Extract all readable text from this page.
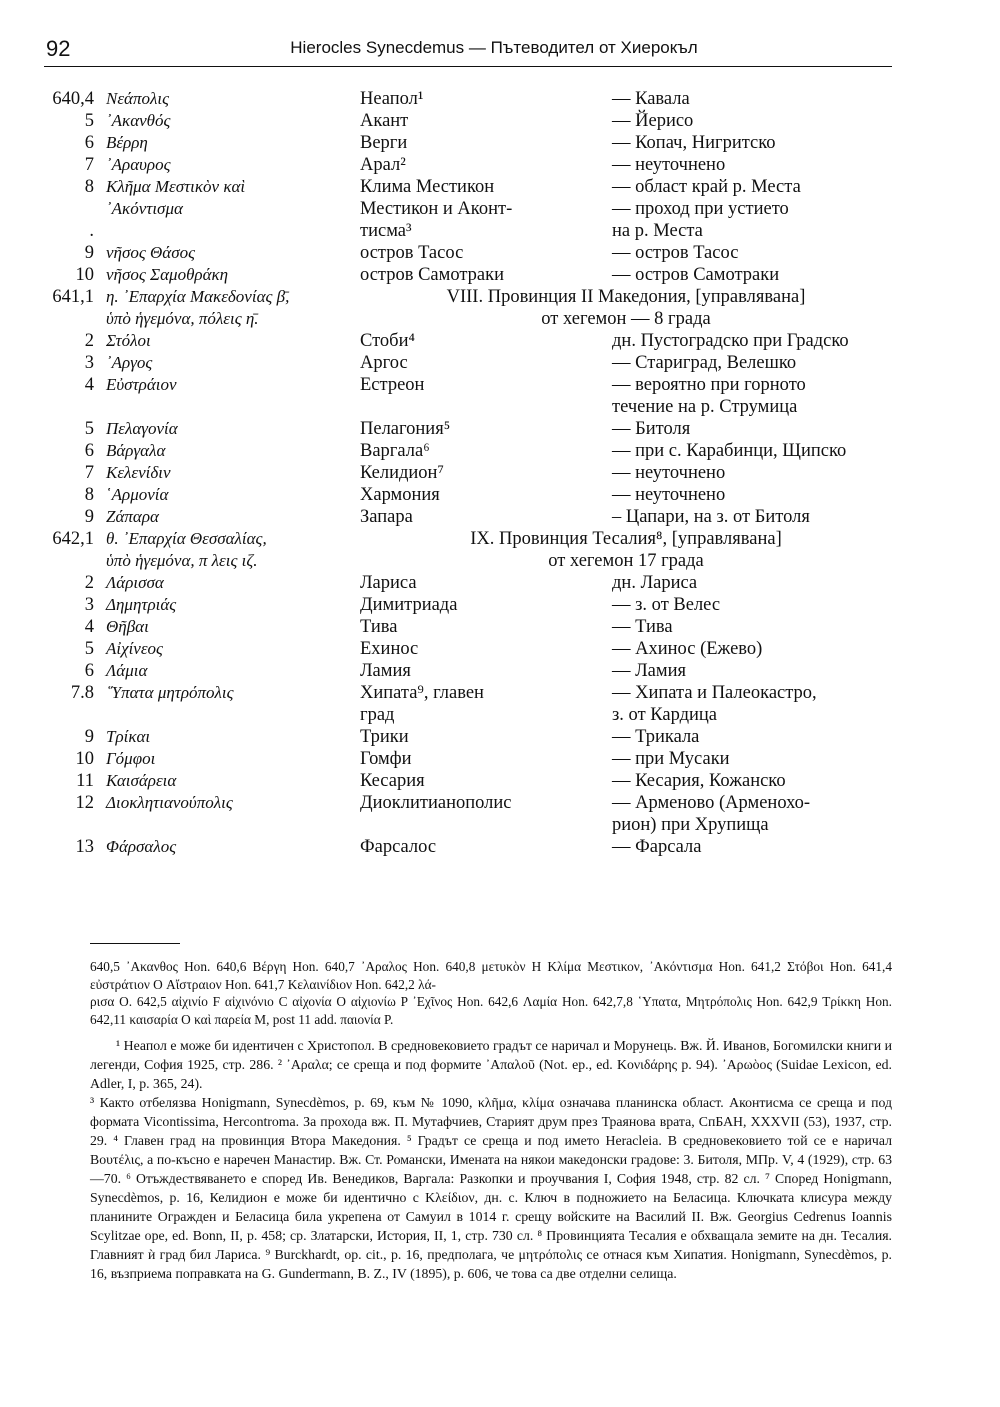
92	Hierocles Synecdemus — Пътеводител от Хиерокъл
640,4 Νεάπολις	Неапол¹	— Кавала
5 ᾿Ακανθός	Акант	— Йерисо
6 Βέρρη	Верги	— Копач, Нигритско
7 ᾿Αραυρος	Арал²	— неуточнено
8 Κλῆμα Μεστικὸν καὶ	Клима Местикон	— област край р. Места
᾿Ακόντισμα	Местикон и Аконт-	— проход при устието
.	тисма³	на р. Места
9 νῆσος Θάσος	остров Тасос	— остров Тасос
10 νῆσος Σαμοθράκη	остров Самотраки	— остров Самотраки
641,1 η. ᾿Επαρχία Μακεδονίας β̄,	VIII. Провинция II Македония, [управлявана]
ὑπὸ ἡγεμόνα, πόλεις η̄.	от хегемон — 8 града
2 Στόλοι	Стоби⁴	дн. Пустоградско при Градско
3 ᾿Αργος	Аргос	— Стариград, Велешко
4 Εὐστράιον	Естреон	— вероятно при горното
течение на р. Струмица
5 Πελαγονία	Пелагония⁵	— Битоля
6 Βάργαλα	Варгала⁶	— при с. Карабинци, Щипско
7 Κελενίδιν	Келидион⁷	— неуточнено
8 ῾Αρμονία	Хармония	— неуточнено
9 Ζάπαρα	Запара	– Цапари, на з. от Битоля
642,1 θ. ᾿Επαρχία Θεσσαλίας,	IX. Провинция Тесалия⁸, [управлявана]
ὑπὸ ἡγεμόνα, π λεις ιζ.	от хегемон 17 града
2 Λάρισσα	Лариса	дн. Лариса
3 Δημητριάς	Димитриада	— з. от Велес
4 Θῆβαι	Тива	— Тива
5 Αἰχίνεος	Ехинос	— Ахинос (Ежево)
6 Λάμια	Ламия	— Ламия
7.8 ῞Υπατα μητρόπολις	Хипата⁹, главен	— Хипата и Палеокастро,
град	з. от Кардица
9 Τρίκαι	Трики	— Трикала
10 Γόμφοι	Гомфи	— при Мусаки
11 Καισάρεια	Кесария	— Кесария, Кожанско
12 Διοκλητιανούπολις	Диоклитианополис	— Арменово (Арменохо-
рион) при Хрупища
13 Φάρσαλος	Фарсалос	— Фарсала
640,5 ᾿Ακανθος Hon. 640,6 Βέργη Hon. 640,7 ᾿Αραλος Hon. 640,8 μετυκὸν H Κλίμα Μεστικον, ᾿Ακόντισμα Hon. 641,2 Στόβοι Hon. 641,4 εὐστράτιον O Αἴστραιον Hon. 641,7 Κελαινίδιον Hon. 642,2 λά-
ρισα O. 642,5 αἰχινίο F αἰχινόνιο C αἰχονία O αἰχιονίω P ᾿Εχῖνος Hon. 642,6 Λαμία Hon. 642,7,8 ῾Υπατα, Μητρόπολις Hon. 642,9 Τρίκκη Hon. 642,11 καισαρία O καὶ παρεία M, post 11 add. παιονία P.
¹ Неапол е може би идентичен с Христопол. В средновековието градът се наричал и Морунець. Вж. Й. Иванов, Богомилски книги и легенди, София 1925, стр. 286. ² ᾿Αραλα; се среща и под формите ᾿Απαλοῦ (Not. ep., ed. Κονιδάρης p. 94). ᾿Αρωὸος (Suidae Lexicon, ed. Adler, I, p. 365, 24).
³ Както отбелязва Honigmann, Synecdèmos, p. 69, към № 1090, κλῆμα, κλίμα означава планинска област. Аконтисма се среща и под формата Vicontissima, Hercontroma. За прохода вж. П. Мутафчиев, Старият друм през Траянова врата, СпБАН, XXXVII (53), 1937, стр. 29. ⁴ Главен град на провинция Втора Македония. ⁵ Градът се среща и под името Heracleia. В средновековието той се е наричал Βουτέλις, а по-късно е наречен Манастир. Вж. Ст. Романски, Имената на някои македонски градове: 3. Битоля, МПр. V, 4 (1929), стр. 63—70. ⁶ Отъждествяването е според Ив. Венедиков, Варгала: Разкопки и проучвания I, София 1948, стр. 82 сл. ⁷ Според Honigmann, Synecdèmos, p. 16, Келидион е може би идентично с Κλείδιον, дн. с. Ключ в подножието на Беласица. Ключката клисура между планините Огражден и Беласица била укрепена от Самуил в 1014 г. срещу войските на Василий II. Вж. Georgius Cedrenus Ioannis Scylitzae ope, ed. Bonn, II, p. 458; ср. Златарски, История, II, 1, стр. 730 сл. ⁸ Провинцията Тесалия е обхващала земите на дн. Тесалия. Главният ѝ град бил Лариса. ⁹ Burckhardt, op. cit., p. 16, предполага, че μητρόπολις се отнася към Хипатия. Honigmann, Synecdèmos, p. 16, възприема поправката на G. Gundermann, B. Z., IV (1895), p. 606, че това са две отделни селища.
